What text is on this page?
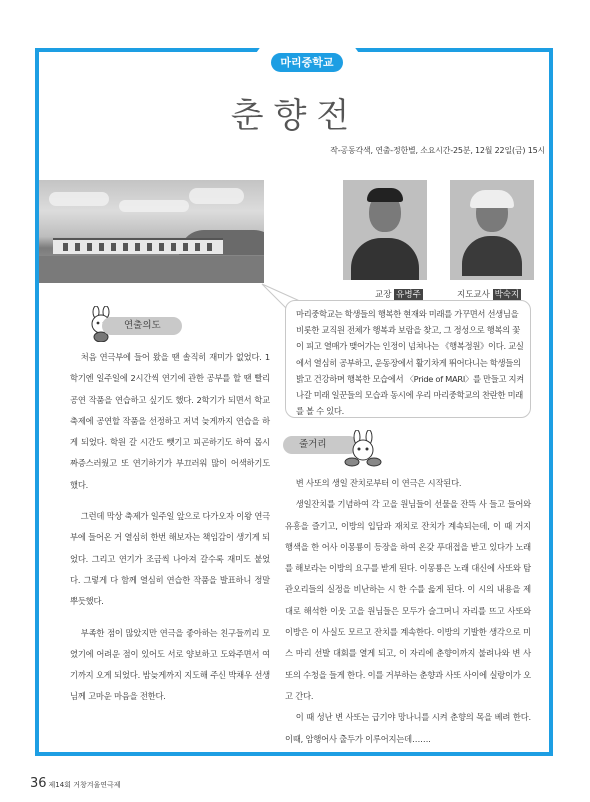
마리중학교
춘향전
작-공동각색, 연출-정한별, 소요시간-25분, 12월 22일(금) 15시
교장 유병주	지도교사 박숙지
마리중학교는 학생들의 행복한 현재와 미래를 가꾸면서 선생님을 비롯한 교직원 전체가 행복과 보람을 찾고, 그 정성으로 행복의 꽃이 피고 열매가 맺어가는 인정이 넘쳐나는 《행복정원》이다. 교실에서 열심히 공부하고, 운동장에서 활기차게 뛰어다니는 학생들의 밝고 건강하며 행복한 모습에서 〈Pride of MARI〉를 만들고 지켜나갈 미래 일꾼들의 모습과 동시에 우리 마리중학교의 찬란한 미래를 볼 수 있다.
연출의도

처음 연극부에 들어 왔을 땐 솔직히 재미가 없었다. 1학기엔 일주일에 2시간씩 연기에 관한 공부를 할 땐 빨리 공연 작품을 연습하고 싶기도 했다. 2학기가 되면서 학교 축제에 공연할 작품을 선정하고 저녁 늦게까지 연습을 하게 되었다. 학원 갈 시간도 뺏기고 피곤하기도 하여 몹시 짜증스러웠고 또 연기하기가 부끄러워 많이 어색하기도 했다.

그런데 막상 축제가 일주일 앞으로 다가오자 이왕 연극부에 들어온 거 열심히 한번 해보자는 책임감이 생기게 되었다. 그리고 연기가 조금씩 나아져 갈수록 재미도 붙었다. 그렇게 다 함께 열심히 연습한 작품을 발표하니 정말 뿌듯했다.

부족한 점이 많았지만 연극을 좋아하는 친구들끼리 모였기에 어려운 점이 있어도 서로 양보하고 도와주면서 여기까지 오게 되었다. 밤늦게까지 지도해 주신 박채우 선생님께 고마운 마음을 전한다.

줄거리

변 사또의 생일 잔치로부터 이 연극은 시작된다.

생일잔치를 기념하여 각 고을 원님들이 선물을 잔뜩 사 들고 들어와 유흥을 즐기고, 이방의 입담과 재치로 잔치가 계속되는데, 이 때 거지 행색을 한 어사 이몽룡이 등장을 하여 온갖 푸대접을 받고 있다가 노래를 해보라는 이방의 요구를 받게 된다. 이몽룡은 노래 대신에 사또와 탐관오리들의 실정을 비난하는 시 한 수를 읊게 된다. 이 시의 내용을 제대로 해석한 이웃 고을 원님들은 모두가 슬그머니 자리를 뜨고 사또와 이방은 이 사실도 모르고 잔치를 계속한다. 이방의 기발한 생각으로 미스 마리 선발 대회를 열게 되고, 이 자리에 춘향이까지 불려나와 변 사또의 수청을 들게 한다. 이를 거부하는 춘향과 사또 사이에 실랑이가 오고 간다.

이 때 성난 변 사또는 급기야 망나니를 시켜 춘향의 목을 베려 한다. 이때, 암행어사 출두가 이루어지는데…….

36 제14회 거창겨울연극제
